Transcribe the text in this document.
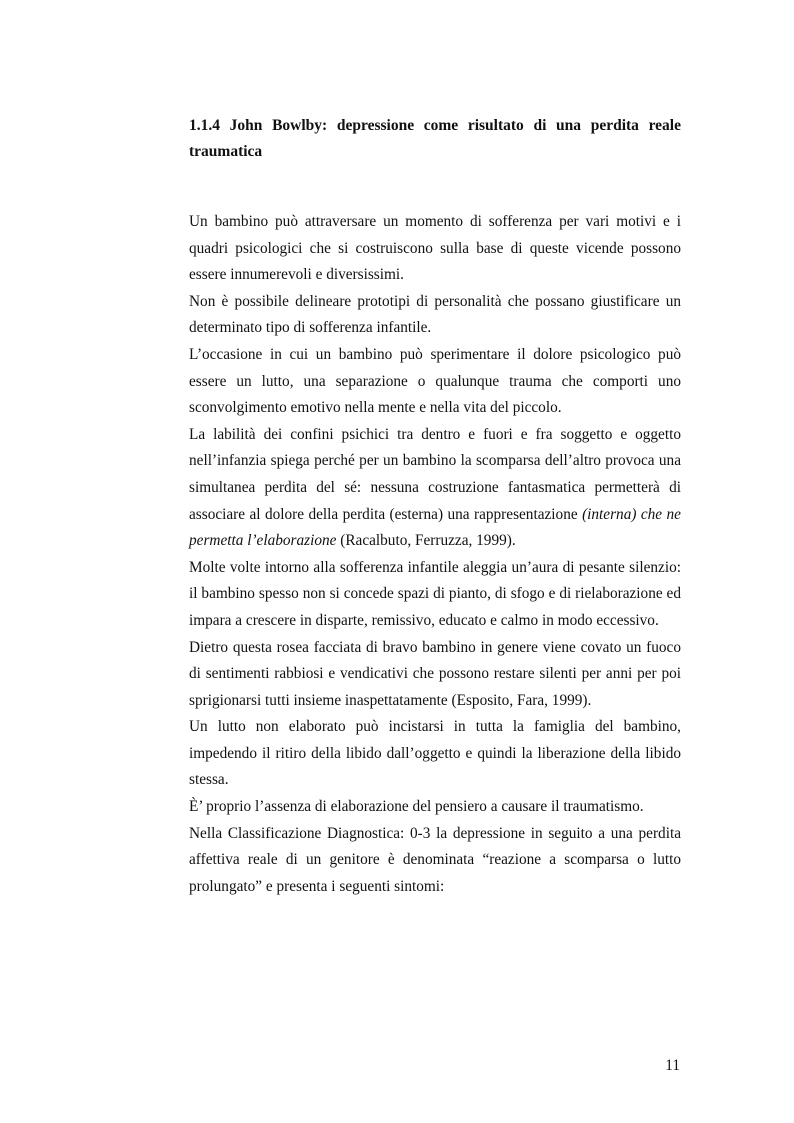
1.1.4 John Bowlby: depressione come risultato di una perdita reale traumatica

Un bambino può attraversare un momento di sofferenza per vari motivi e i quadri psicologici che si costruiscono sulla base di queste vicende possono essere innumerevoli e diversissimi.

Non è possibile delineare prototipi di personalità che possano giustificare un determinato tipo di sofferenza infantile.

L’occasione in cui un bambino può sperimentare il dolore psicologico può essere un lutto, una separazione o qualunque trauma che comporti uno sconvolgimento emotivo nella mente e nella vita del piccolo.

La labilità dei confini psichici tra dentro e fuori e fra soggetto e oggetto nell’infanzia spiega perché per un bambino la scomparsa dell’altro provoca una simultanea perdita del sé: nessuna costruzione fantasmatica permetterà di associare al dolore della perdita (esterna) una rappresentazione (interna) che ne permetta l’elaborazione (Racalbuto, Ferruzza, 1999).

Molte volte intorno alla sofferenza infantile aleggia un’aura di pesante silenzio: il bambino spesso non si concede spazi di pianto, di sfogo e di rielaborazione ed impara a crescere in disparte, remissivo, educato e calmo in modo eccessivo.

Dietro questa rosea facciata di bravo bambino in genere viene covato un fuoco di sentimenti rabbiosi e vendicativi che possono restare silenti per anni per poi sprigionarsi tutti insieme inaspettatamente (Esposito, Fara, 1999).

Un lutto non elaborato può incistarsi in tutta la famiglia del bambino, impedendo il ritiro della libido dall’oggetto e quindi la liberazione della libido stessa.

È’ proprio l’assenza di elaborazione del pensiero a causare il traumatismo.

Nella Classificazione Diagnostica: 0-3 la depressione in seguito a una perdita affettiva reale di un genitore è denominata “reazione a scomparsa o lutto prolungato” e presenta i seguenti sintomi:

11
